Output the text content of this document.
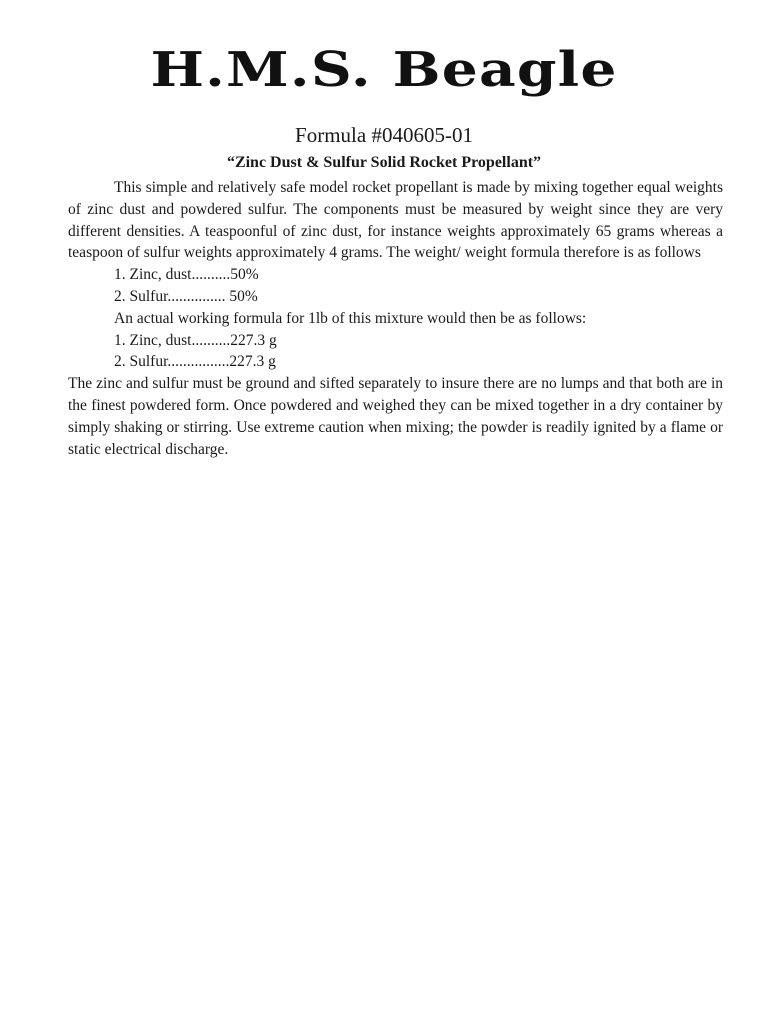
H.M.S. Beagle
Formula #040605-01
“Zinc Dust & Sulfur Solid Rocket Propellant”

This simple and relatively safe model rocket propellant is made by mixing together equal weights of zinc dust and powdered sulfur. The components must be measured by weight since they are very different densities. A teaspoonful of zinc dust, for instance weights approximately 65 grams whereas a teaspoon of sulfur weights approximately 4 grams. The weight/ weight formula therefore is as follows

1. Zinc, dust..........50%

2. Sulfur............... 50%

An actual working formula for 1lb of this mixture would then be as follows:

1. Zinc, dust..........227.3 g

2. Sulfur................227.3 g

The zinc and sulfur must be ground and sifted separately to insure there are no lumps and that both are in the finest powdered form. Once powdered and weighed they can be mixed together in a dry container by simply shaking or stirring. Use extreme caution when mixing; the powder is readily ignited by a flame or static electrical discharge.
